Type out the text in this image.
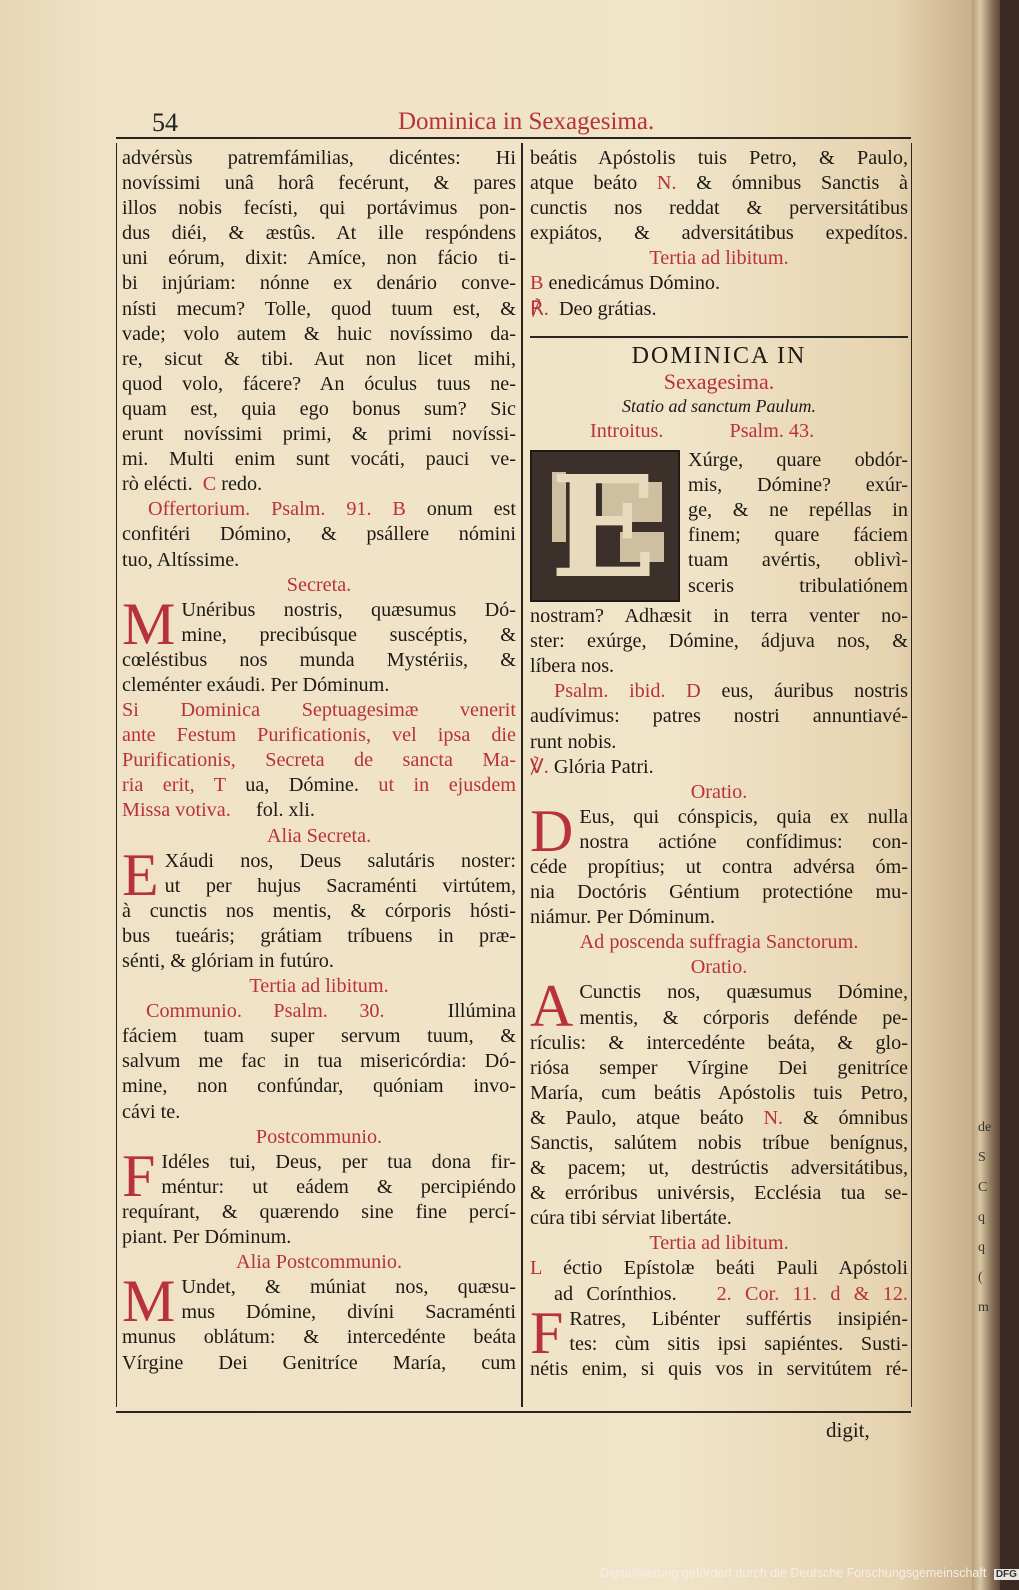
de
S
C
q
q
(
m
54	Dominica in Sexagesima.
advérsùs patremfámilias, dicéntes: Hi
novíssimi unâ horâ fecérunt, & pares
illos nobis fecísti, qui portávimus pon-
dus diéi, & æstûs. At ille respóndens
uni eórum, dixit: Amíce, non fácio ti-
bi injúriam: nónne ex denário conve-
nísti mecum? Tolle, quod tuum est, &
vade; volo autem & huic novíssimo da-
re, sicut & tibi. Aut non licet mihi,
quod volo, fácere? An óculus tuus ne-
quam est, quia ego bonus sum? Sic
erunt novíssimi primi, & primi novíssi-
mi. Multi enim sunt vocáti, pauci ve-
rò elécti. C redo.
Offertorium. Psalm. 91. B onum est
confitéri Dómino, & psállere nómini
tuo, Altíssime.
Secreta.
M Unéribus nostris, quæsumus Dó-
mine, precibúsque suscéptis, &
cœléstibus nos munda Mystériis, &
cleménter exáudi. Per Dóminum.
Si Dominica Septuagesimæ venerit
ante Festum Purificationis, vel ipsa die
Purificationis, Secreta de sancta Ma-
ria erit, T ua, Dómine. ut in ejusdem
Missa votiva. fol. xli.
Alia Secreta.
E Xáudi nos, Deus salutáris noster:
ut per hujus Sacraménti virtútem,
à cunctis nos mentis, & córporis hósti-
bus tueáris; grátiam tríbuens in præ-
sénti, & glóriam in futúro.
Tertia ad libitum.
Communio. Psalm. 30.	Illúmina
fáciem tuam super servum tuum, &
salvum me fac in tua misericórdia: Dó-
mine, non confúndar, quóniam invo-
cávi te.
Postcommunio.
F Idéles tui, Deus, per tua dona fir-
méntur: ut eádem & percipiéndo
requírant, & quærendo sine fine percí-
piant. Per Dóminum.
Alia Postcommunio.
M Undet, & múniat nos, quæsu-
mus Dómine, divíni Sacraménti
munus oblátum: & intercedénte beáta
Vírgine Dei Genitríce María, cum
beátis Apóstolis tuis Petro, & Paulo,
atque beáto N. & ómnibus Sanctis à
cunctis nos reddat & perversitátibus
expiátos, & adversitátibus expedítos.
Tertia ad libitum.
B enedicámus Dómino.
℟. Deo grátias.
DOMINICA IN
Sexagesima.
Statio ad sanctum Paulum.
Introitus.	Psalm. 43.
E	Xúrge, quare obdór-
mis, Dómine? exúr-
ge, & ne repéllas in
finem; quare fáciem
tuam avértis, oblivì-
sceris tribulatiónem
nostram? Adhæsit in terra venter no-
ster: exúrge, Dómine, ádjuva nos, &
líbera nos.
Psalm. ibid. D eus, áuribus nostris
audívimus: patres nostri annuntiavé-
runt nobis.
℣. Glória Patri.
Oratio.
D Eus, qui cónspicis, quia ex nulla
nostra actióne confídimus: con-
céde propítius; ut contra advérsa óm-
nia Doctóris Géntium protectióne mu-
niámur. Per Dóminum.
Ad poscenda suffragia Sanctorum.
Oratio.
A Cunctis nos, quæsumus Dómine,
mentis, & córporis defénde pe-
rículis: & intercedénte beáta, & glo-
riósa semper Vírgine Dei genitríce
María, cum beátis Apóstolis tuis Petro,
& Paulo, atque beáto N. & ómnibus
Sanctis, salútem nobis tríbue benígnus,
& pacem; ut, destrúctis adversitátibus,
& erróribus univérsis, Ecclésia tua se-
cúra tibi sérviat libertáte.
Tertia ad libitum.
L éctio Epístolæ beáti Pauli Apóstoli
ad Corínthios. 2. Cor. 11. d & 12.
F Ratres, Libénter suffértis insipién-
tes: cùm sitis ipsi sapiéntes. Susti-
nétis enim, si quis vos in servitútem ré-
digit,
Digitalisierung gefördert durch die Deutsche Forschungsgemeinschaft DFG
